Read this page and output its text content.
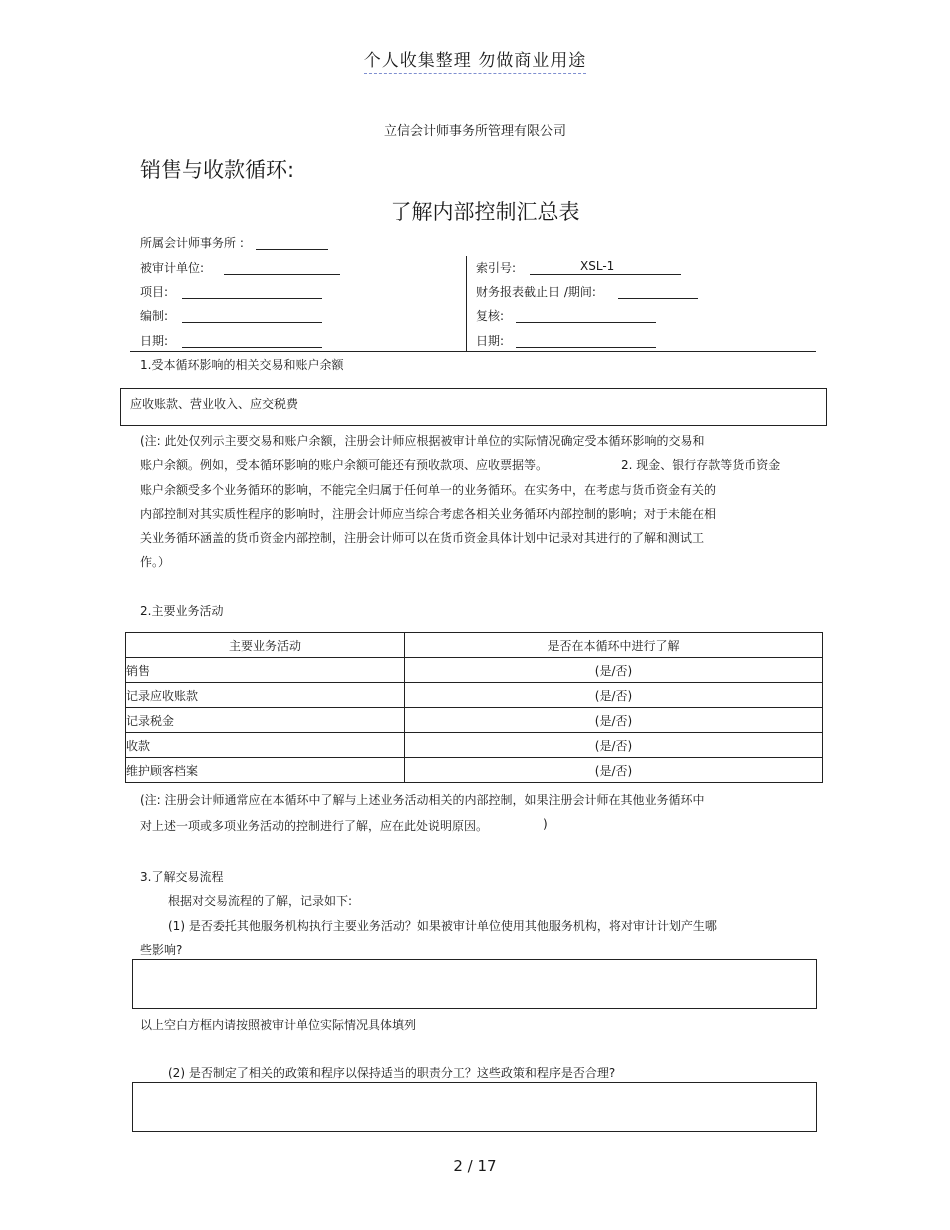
个人收集整理 勿做商业用途
立信会计师事务所管理有限公司
销售与收款循环:
了解内部控制汇总表
所属会计师事务所 :
被审计单位:
项目:
编制:
日期:
索引号:	XSL-1
财务报表截止日 /期间:
复核:
日期:
1.受本循环影响的相关交易和账户余额
应收账款、营业收入、应交税费
(注: 此处仅列示主要交易和账户余额，注册会计师应根据被审计单位的实际情况确定受本循环影响的交易和
账户余额。例如，受本循环影响的账户余额可能还有预收款项、应收票据等。	2. 现金、银行存款等货币资金
账户余额受多个业务循环的影响，不能完全归属于任何单一的业务循环。在实务中，在考虑与货币资金有关的
内部控制对其实质性程序的影响时，注册会计师应当综合考虑各相关业务循环内部控制的影响；对于未能在相
关业务循环涵盖的货币资金内部控制，注册会计师可以在货币资金具体计划中记录对其进行的了解和测试工
作。）
2.主要业务活动
主要业务活动	是否在本循环中进行了解
销售	(是/否)
记录应收账款	(是/否)
记录税金	(是/否)
收款	(是/否)
维护顾客档案	(是/否)
(注: 注册会计师通常应在本循环中了解与上述业务活动相关的内部控制，如果注册会计师在其他业务循环中
对上述一项或多项业务活动的控制进行了解，应在此处说明原因。	)
3.了解交易流程
根据对交易流程的了解，记录如下:
(1) 是否委托其他服务机构执行主要业务活动？如果被审计单位使用其他服务机构，将对审计计划产生哪
些影响?
以上空白方框内请按照被审计单位实际情况具体填列
(2) 是否制定了相关的政策和程序以保持适当的职责分工？这些政策和程序是否合理?
2 / 17
